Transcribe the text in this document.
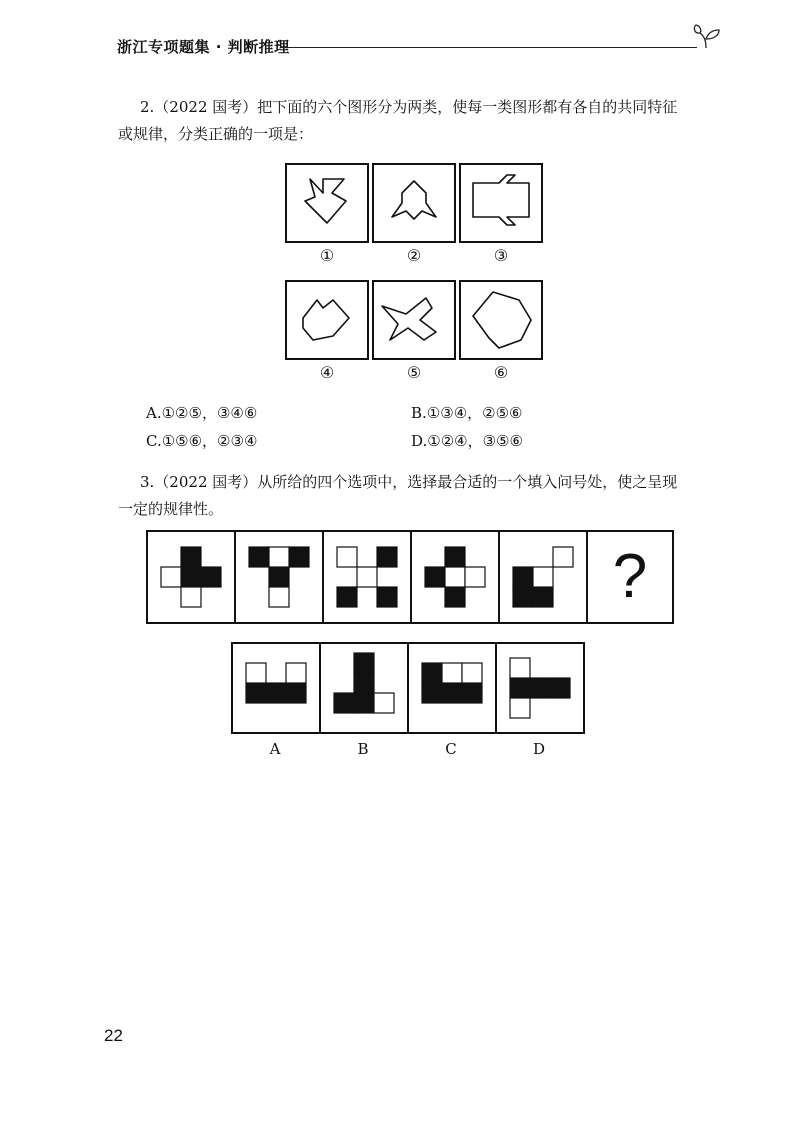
浙江专项题集 · 判断推理
2.（2022 国考）把下面的六个图形分为两类，使每一类图形都有各自的共同特征
或规律，分类正确的一项是：
①	②	③
④	⑤	⑥
A.①②⑤，③④⑥	B.①③④，②⑤⑥
C.①⑤⑥，②③④	D.①②④，③⑤⑥
3.（2022 国考）从所给的四个选项中，选择最合适的一个填入问号处，使之呈现
一定的规律性。
?
A	B	C	D
22
